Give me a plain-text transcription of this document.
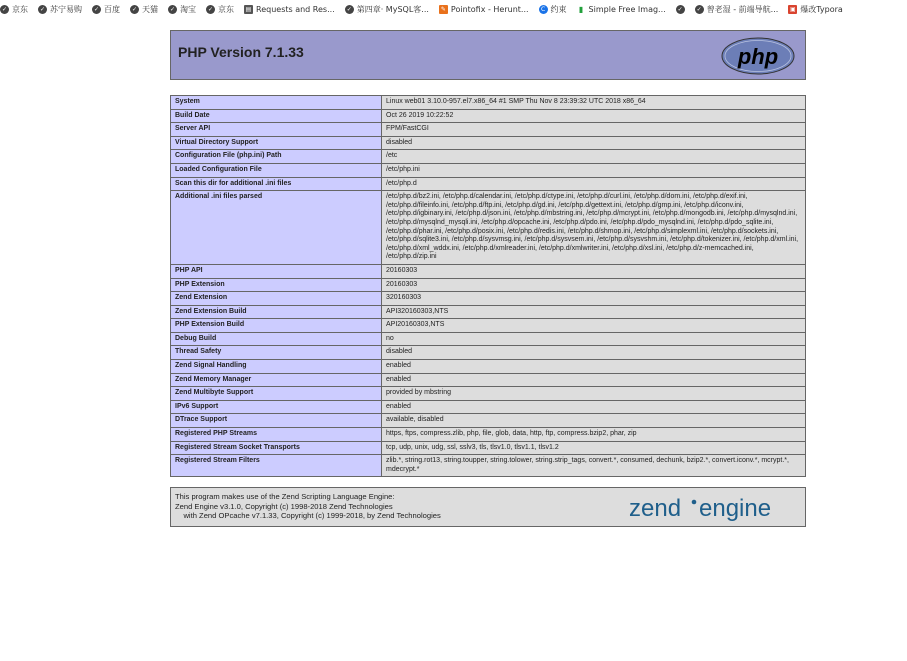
✓ 京东	✓ 苏宁易购	✓ 百度	✓ 天猫	✓ 淘宝	✓ 京东 ▤ Requests and Res...	✓ 第四章· MySQL客...	✎ Pointofix - Herunt...	C 约束 ▮ Simple Free Imag...	✓	✓ 曾老湿 - 前端导航... ▣ 爆改Typora
PHP Version 7.1.33	php
System	Linux web01 3.10.0-957.el7.x86_64 #1 SMP Thu Nov 8 23:39:32 UTC 2018 x86_64
Build Date	Oct 26 2019 10:22:52
Server API	FPM/FastCGI
Virtual Directory Support	disabled
Configuration File (php.ini) Path	/etc
Loaded Configuration File	/etc/php.ini
Scan this dir for additional .ini files	/etc/php.d
Additional .ini files parsed	/etc/php.d/bz2.ini, /etc/php.d/calendar.ini, /etc/php.d/ctype.ini, /etc/php.d/curl.ini, /etc/php.d/dom.ini, /etc/php.d/exif.ini, /etc/php.d/fileinfo.ini, /etc/php.d/ftp.ini, /etc/php.d/gd.ini, /etc/php.d/gettext.ini, /etc/php.d/gmp.ini, /etc/php.d/iconv.ini, /etc/php.d/igbinary.ini, /etc/php.d/json.ini, /etc/php.d/mbstring.ini, /etc/php.d/mcrypt.ini, /etc/php.d/mongodb.ini, /etc/php.d/mysqlnd.ini, /etc/php.d/mysqlnd_mysqli.ini, /etc/php.d/opcache.ini, /etc/php.d/pdo.ini, /etc/php.d/pdo_mysqlnd.ini, /etc/php.d/pdo_sqlite.ini, /etc/php.d/phar.ini, /etc/php.d/posix.ini, /etc/php.d/redis.ini, /etc/php.d/shmop.ini, /etc/php.d/simplexml.ini, /etc/php.d/sockets.ini, /etc/php.d/sqlite3.ini, /etc/php.d/sysvmsg.ini, /etc/php.d/sysvsem.ini, /etc/php.d/sysvshm.ini, /etc/php.d/tokenizer.ini, /etc/php.d/xml.ini, /etc/php.d/xml_wddx.ini, /etc/php.d/xmlreader.ini, /etc/php.d/xmlwriter.ini, /etc/php.d/xsl.ini, /etc/php.d/z-memcached.ini, /etc/php.d/zip.ini
PHP API	20160303
PHP Extension	20160303
Zend Extension	320160303
Zend Extension Build	API320160303,NTS
PHP Extension Build	API20160303,NTS
Debug Build	no
Thread Safety	disabled
Zend Signal Handling	enabled
Zend Memory Manager	enabled
Zend Multibyte Support	provided by mbstring
IPv6 Support	enabled
DTrace Support	available, disabled
Registered PHP Streams	https, ftps, compress.zlib, php, file, glob, data, http, ftp, compress.bzip2, phar, zip
Registered Stream Socket Transports	tcp, udp, unix, udg, ssl, sslv3, tls, tlsv1.0, tlsv1.1, tlsv1.2
Registered Stream Filters	zlib.*, string.rot13, string.toupper, string.tolower, string.strip_tags, convert.*, consumed, dechunk, bzip2.*, convert.iconv.*, mcrypt.*, mdecrypt.*
This program makes use of the Zend Scripting Language Engine:
Zend Engine v3.1.0, Copyright (c) 1998-2018 Zend Technologies
with Zend OPcache v7.1.33, Copyright (c) 1999-2018, by Zend Technologies	zend engine
